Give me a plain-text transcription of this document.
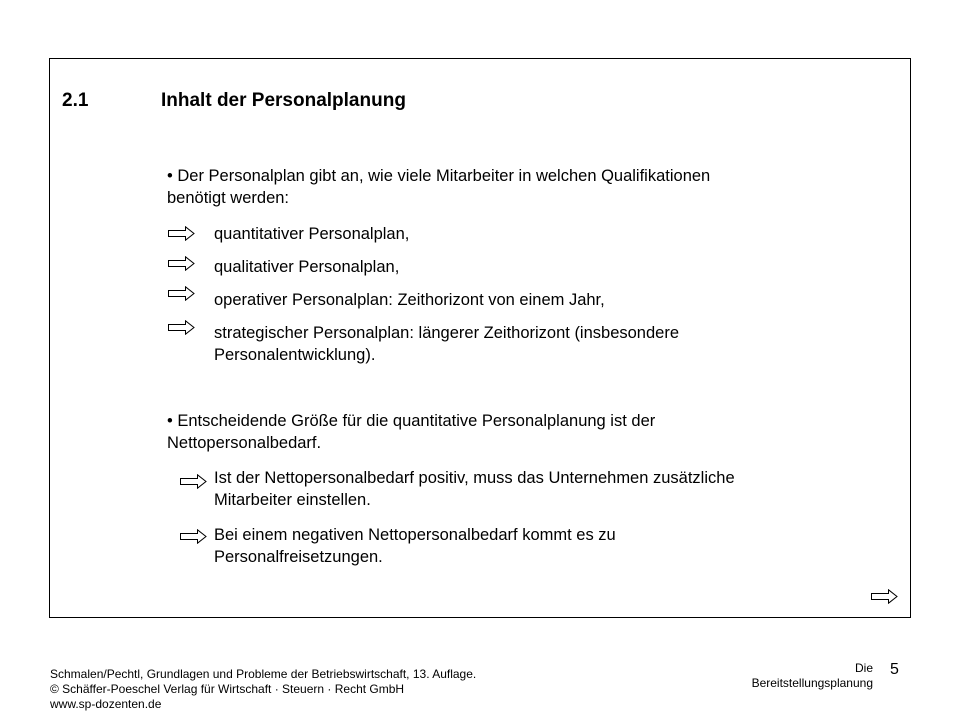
2.1	Inhalt der Personalplanung
• Der Personalplan gibt an, wie viele Mitarbeiter in welchen Qualifikationen
benötigt werden:
quantitativer Personalplan,
qualitativer Personalplan,
operativer Personalplan: Zeithorizont von einem Jahr,
strategischer Personalplan: längerer Zeithorizont (insbesondere
Personalentwicklung).
• Entscheidende Größe für die quantitative Personalplanung ist der
Nettopersonalbedarf.
Ist der Nettopersonalbedarf positiv, muss das Unternehmen zusätzliche
Mitarbeiter einstellen.
Bei einem negativen Nettopersonalbedarf kommt es zu
Personalfreisetzungen.
Schmalen/Pechtl, Grundlagen und Probleme der Betriebswirtschaft, 13. Auflage.
© Schäffer-Poeschel Verlag für Wirtschaft · Steuern · Recht GmbH
www.sp-dozenten.de
Die
Bereitstellungsplanung
5
